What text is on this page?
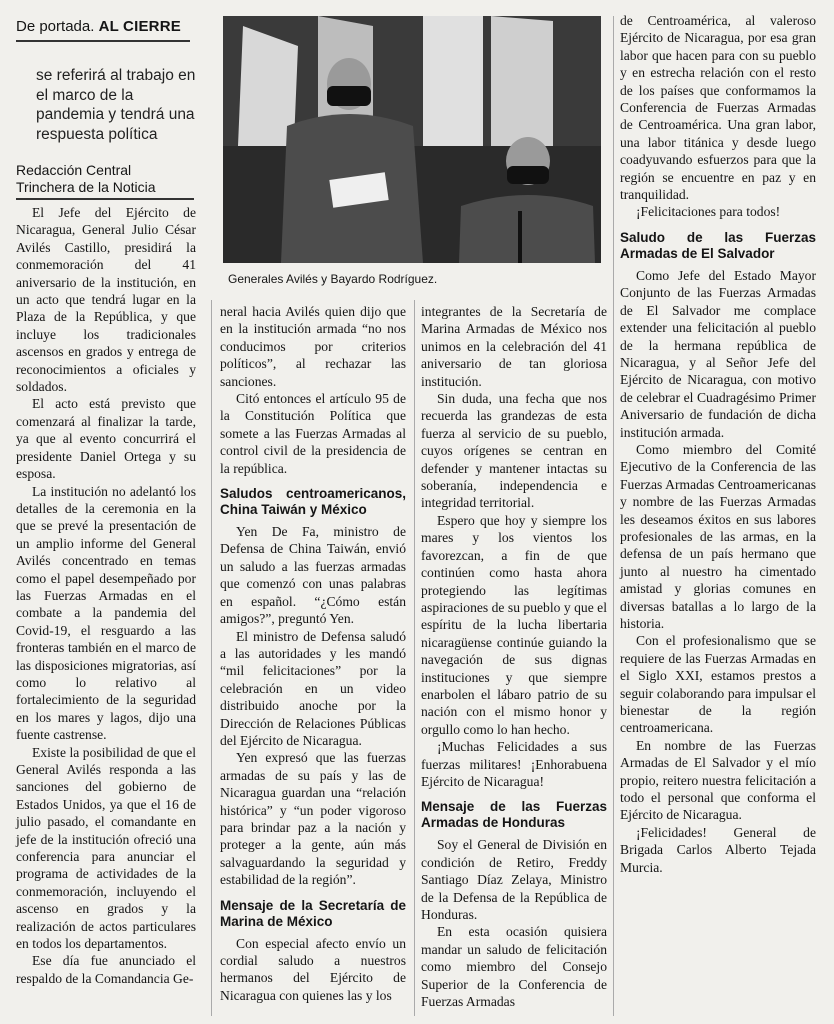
De portada. AL CIERRE
se referirá al trabajo en el marco de la pandemia y tendrá una respuesta política
Redacción Central
Trinchera de la Noticia
Generales Avilés y Bayardo Rodríguez.

El Jefe del Ejército de Nicaragua, General Julio César Avilés Castillo, presidirá la conmemoración del 41 aniversario de la institución, en un acto que tendrá lugar en la Plaza de la República, y que incluye los tradicionales ascensos en grados y entrega de reconocimientos a oficiales y soldados.

El acto está previsto que comenzará al finalizar la tarde, ya que al evento concurrirá el presidente Daniel Ortega y su esposa.

La institución no adelantó los detalles de la ceremonia en la que se prevé la presentación de un amplio informe del General Avilés concentrado en temas como el papel desempeñado por las Fuerzas Armadas en el combate a la pandemia del Covid-19, el resguardo a las fronteras también en el marco de las disposiciones migratorias, así como lo relativo al fortalecimiento de la seguridad en los mares y lagos, dijo una fuente castrense.

Existe la posibilidad de que el General Avilés responda a las sanciones del gobierno de Estados Unidos, ya que el 16 de julio pasado, el comandante en jefe de la institución ofreció una conferencia para anunciar el programa de actividades de la conmemoración, incluyendo el ascenso en grados y la realización de actos particulares en todos los departamentos.

Ese día fue anunciado el respaldo de la Comandancia Ge-

neral hacia Avilés quien dijo que en la institución armada “no nos conducimos por criterios políticos”, al rechazar las sanciones.

Citó entonces el artículo 95 de la Constitución Política que somete a las Fuerzas Armadas al control civil de la presidencia de la república.

Saludos centroamericanos, China Taiwán y México

Yen De Fa, ministro de Defensa de China Taiwán, envió un saludo a las fuerzas armadas que comenzó con unas palabras en español. “¿Cómo están amigos?”, preguntó Yen.

El ministro de Defensa saludó a las autoridades y les mandó “mil felicitaciones” por la celebración en un video distribuido anoche por la Dirección de Relaciones Públicas del Ejército de Nicaragua.

Yen expresó que las fuerzas armadas de su país y las de Nicaragua guardan una “relación histórica” y “un poder vigoroso para brindar paz a la nación y proteger a la gente, aún más salvaguardando la seguridad y estabilidad de la región”.

Mensaje de la Secretaría de Marina de México

Con especial afecto envío un cordial saludo a nuestros hermanos del Ejército de Nicaragua con quienes las y los

integrantes de la Secretaría de Marina Armadas de México nos unimos en la celebración del 41 aniversario de tan gloriosa institución.

Sin duda, una fecha que nos recuerda las grandezas de esta fuerza al servicio de su pueblo, cuyos orígenes se centran en defender y mantener intactas su soberanía, independencia e integridad territorial.

Espero que hoy y siempre los mares y los vientos los favorezcan, a fin de que continúen como hasta ahora protegiendo las legítimas aspiraciones de su pueblo y que el espíritu de la lucha libertaria nicaragüense continúe guiando la navegación de sus dignas instituciones y que siempre enarbolen el lábaro patrio de su nación con el mismo honor y orgullo como lo han hecho.

¡Muchas Felicidades a sus fuerzas militares! ¡Enhorabuena Ejército de Nicaragua!

Mensaje de las Fuerzas Armadas de Honduras

Soy el General de División en condición de Retiro, Freddy Santiago Díaz Zelaya, Ministro de la Defensa de la República de Honduras.

En esta ocasión quisiera mandar un saludo de felicitación como miembro del Consejo Superior de la Conferencia de Fuerzas Armadas

de Centroamérica, al valeroso Ejército de Nicaragua, por esa gran labor que hacen para con su pueblo y en estrecha relación con el resto de los países que conformamos la Conferencia de Fuerzas Armadas de Centroamérica. Una gran labor, una labor titánica y desde luego coadyuvando esfuerzos para que la región se encuentre en paz y en tranquilidad.

¡Felicitaciones para todos!

Saludo de las Fuerzas Armadas de El Salvador

Como Jefe del Estado Mayor Conjunto de las Fuerzas Armadas de El Salvador me complace extender una felicitación al pueblo de la hermana república de Nicaragua, y al Señor Jefe del Ejército de Nicaragua, con motivo de celebrar el Cuadragésimo Primer Aniversario de fundación de dicha institución armada.

Como miembro del Comité Ejecutivo de la Conferencia de las Fuerzas Armadas Centroamericanas y nombre de las Fuerzas Armadas les deseamos éxitos en sus labores profesionales de las armas, en la defensa de un país hermano que junto al nuestro ha cimentado amistad y glorias comunes en diversas batallas a lo largo de la historia.

Con el profesionalismo que se requiere de las Fuerzas Armadas en el Siglo XXI, estamos prestos a seguir colaborando para impulsar el bienestar de la región centroamericana.

En nombre de las Fuerzas Armadas de El Salvador y el mío propio, reitero nuestra felicitación a todo el personal que conforma el Ejército de Nicaragua.

¡Felicidades! General de Brigada Carlos Alberto Tejada Murcia.
